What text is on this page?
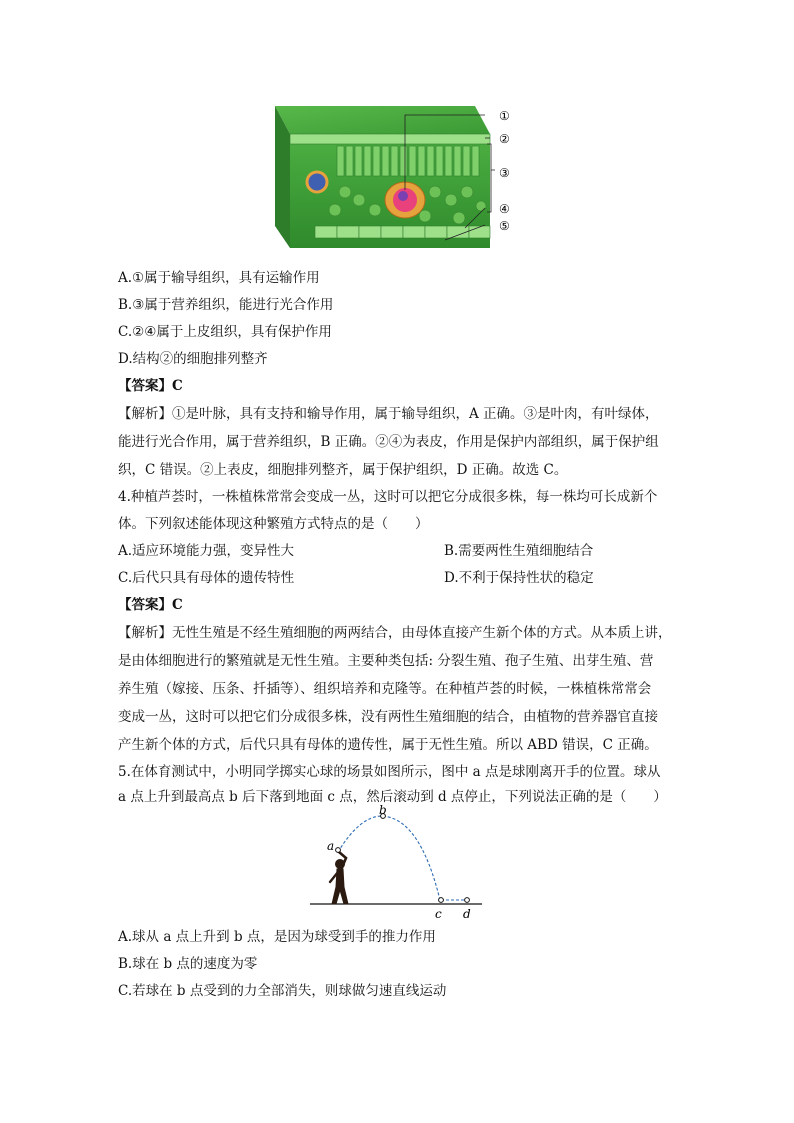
①
②
③
④
⑤
A.①属于输导组织，具有运输作用
B.③属于营养组织，能进行光合作用
C.②④属于上皮组织，具有保护作用
D.结构②的细胞排列整齐
【答案】C
【解析】①是叶脉，具有支持和输导作用，属于输导组织，A 正确。③是叶肉，有叶绿体，
能进行光合作用，属于营养组织，B 正确。②④为表皮，作用是保护内部组织，属于保护组
织，C 错误。②上表皮，细胞排列整齐，属于保护组织，D 正确。故选 C。
4.种植芦荟时，一株植株常常会变成一丛，这时可以把它分成很多株，每一株均可长成新个
体。下列叙述能体现这种繁殖方式特点的是（　　）
A.适应环境能力强，变异性大	B.需要两性生殖细胞结合
C.后代只具有母体的遗传特性	D.不利于保持性状的稳定
【答案】C
【解析】无性生殖是不经生殖细胞的两两结合，由母体直接产生新个体的方式。从本质上讲，
是由体细胞进行的繁殖就是无性生殖。主要种类包括: 分裂生殖、孢子生殖、出芽生殖、营
养生殖（嫁接、压条、扦插等）、组织培养和克隆等。在种植芦荟的时候，一株植株常常会
变成一丛，这时可以把它们分成很多株，没有两性生殖细胞的结合，由植物的营养器官直接
产生新个体的方式，后代只具有母体的遗传性，属于无性生殖。所以 ABD 错误，C 正确。
5.在体育测试中，小明同学掷实心球的场景如图所示，图中 a 点是球刚离开手的位置。球从
a 点上升到最高点 b 后下落到地面 c 点，然后滚动到 d 点停止，下列说法正确的是（　　）
a
b
c d
A.球从 a 点上升到 b 点，是因为球受到手的推力作用
B.球在 b 点的速度为零
C.若球在 b 点受到的力全部消失，则球做匀速直线运动
